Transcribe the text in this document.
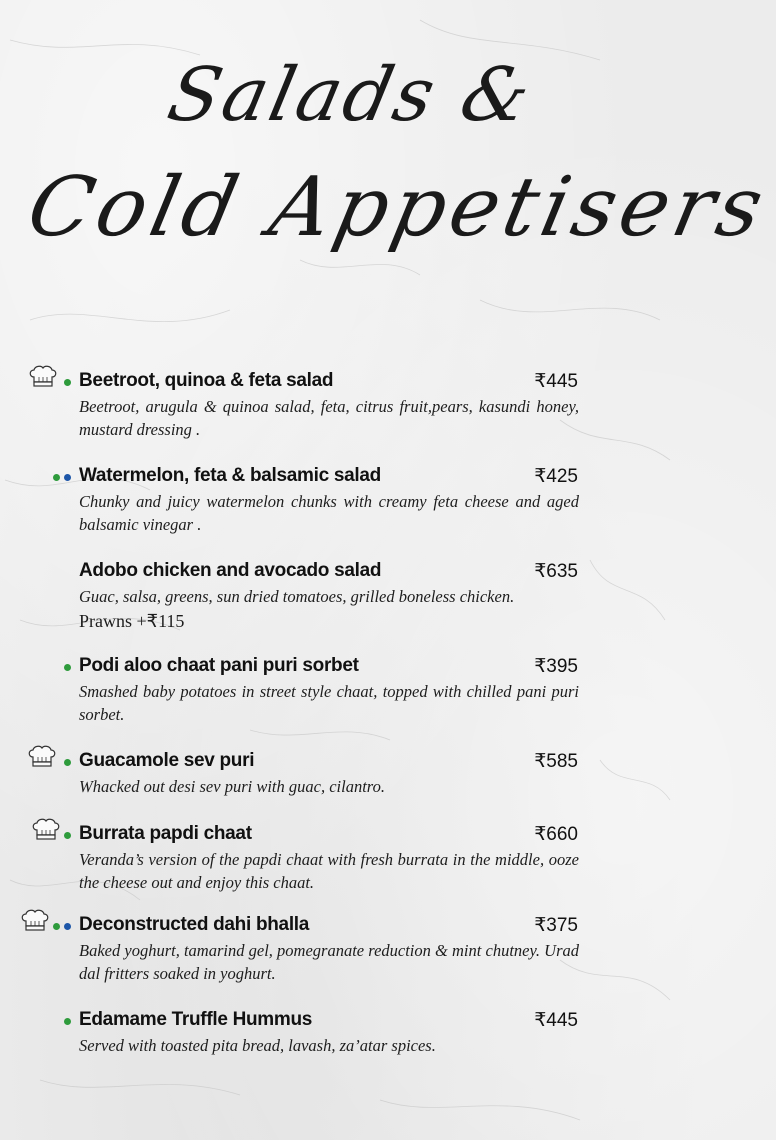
Salads &
Cold Appetisers
Beetroot, quinoa & feta salad	₹445
Beetroot, arugula & quinoa salad, feta, citrus fruit,pears, kasundi honey, mustard dressing .
Watermelon, feta & balsamic salad	₹425
Chunky and juicy watermelon chunks with creamy feta cheese and aged balsamic vinegar .
Adobo chicken and avocado salad	₹635
Guac, salsa, greens, sun dried tomatoes, grilled boneless chicken.
Prawns +₹115
Podi aloo chaat pani puri sorbet	₹395
Smashed baby potatoes in street style chaat, topped with chilled pani puri sorbet.
Guacamole sev puri	₹585
Whacked out desi sev puri with guac, cilantro.
Burrata papdi chaat	₹660
Veranda’s version of the papdi chaat with fresh burrata in the middle, ooze the cheese out and enjoy this chaat.
Deconstructed dahi bhalla	₹375
Baked yoghurt, tamarind gel, pomegranate reduction & mint chutney. Urad dal fritters soaked in yoghurt.
Edamame Truffle Hummus	₹445
Served with toasted pita bread, lavash, za’atar spices.
